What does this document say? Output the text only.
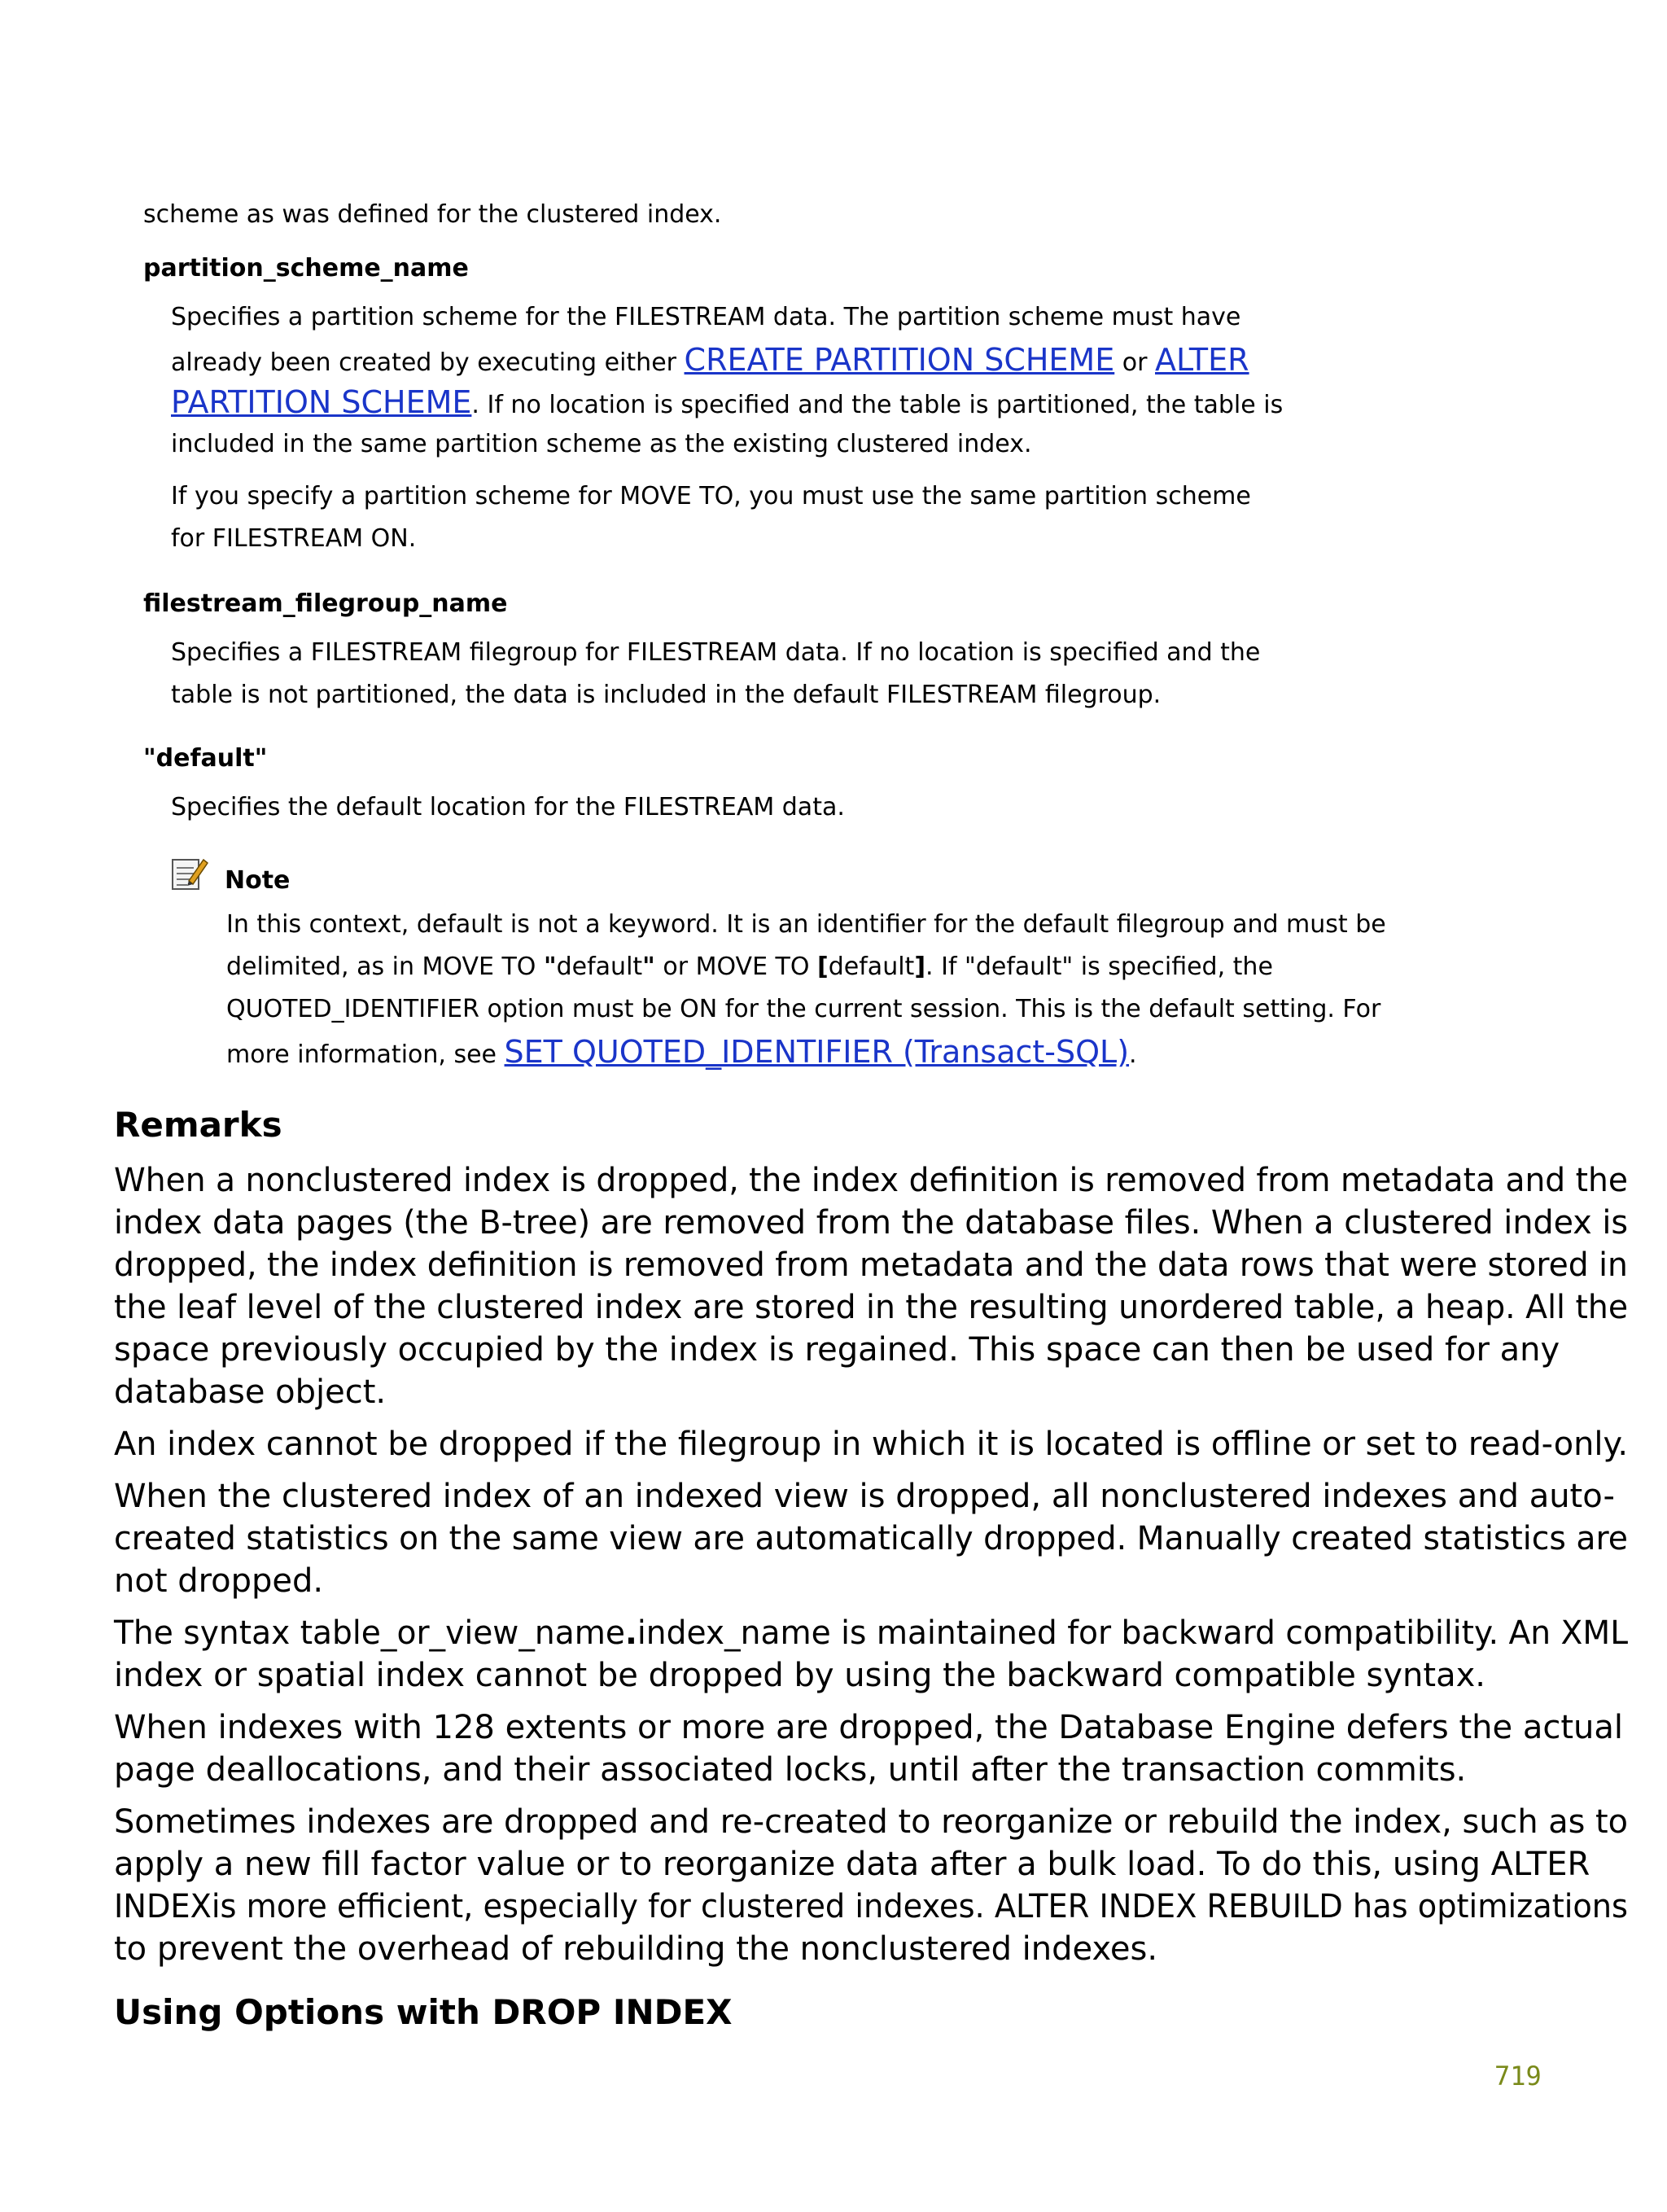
scheme as was defined for the clustered index.
partition_scheme_name
Specifies a partition scheme for the FILESTREAM data. The partition scheme must have
already been created by executing either CREATE PARTITION SCHEME or ALTER
PARTITION SCHEME. If no location is specified and the table is partitioned, the table is
included in the same partition scheme as the existing clustered index.
If you specify a partition scheme for MOVE TO, you must use the same partition scheme
for FILESTREAM ON.
filestream_filegroup_name
Specifies a FILESTREAM filegroup for FILESTREAM data. If no location is specified and the
table is not partitioned, the data is included in the default FILESTREAM filegroup.
"default"
Specifies the default location for the FILESTREAM data.
Note
In this context, default is not a keyword. It is an identifier for the default filegroup and must be
delimited, as in MOVE TO "default" or MOVE TO [default]. If "default" is specified, the
QUOTED_IDENTIFIER option must be ON for the current session. This is the default setting. For
more information, see SET QUOTED_IDENTIFIER (Transact-SQL).
Remarks
When a nonclustered index is dropped, the index definition is removed from metadata and the
index data pages (the B-tree) are removed from the database files. When a clustered index is
dropped, the index definition is removed from metadata and the data rows that were stored in
the leaf level of the clustered index are stored in the resulting unordered table, a heap. All the
space previously occupied by the index is regained. This space can then be used for any
database object.
An index cannot be dropped if the filegroup in which it is located is offline or set to read-only.
When the clustered index of an indexed view is dropped, all nonclustered indexes and auto-
created statistics on the same view are automatically dropped. Manually created statistics are
not dropped.
The syntax table_or_view_name.index_name is maintained for backward compatibility. An XML
index or spatial index cannot be dropped by using the backward compatible syntax.
When indexes with 128 extents or more are dropped, the Database Engine defers the actual
page deallocations, and their associated locks, until after the transaction commits.
Sometimes indexes are dropped and re-created to reorganize or rebuild the index, such as to
apply a new fill factor value or to reorganize data after a bulk load. To do this, using ALTER
INDEXis more efficient, especially for clustered indexes. ALTER INDEX REBUILD has optimizations
to prevent the overhead of rebuilding the nonclustered indexes.
Using Options with DROP INDEX
719
